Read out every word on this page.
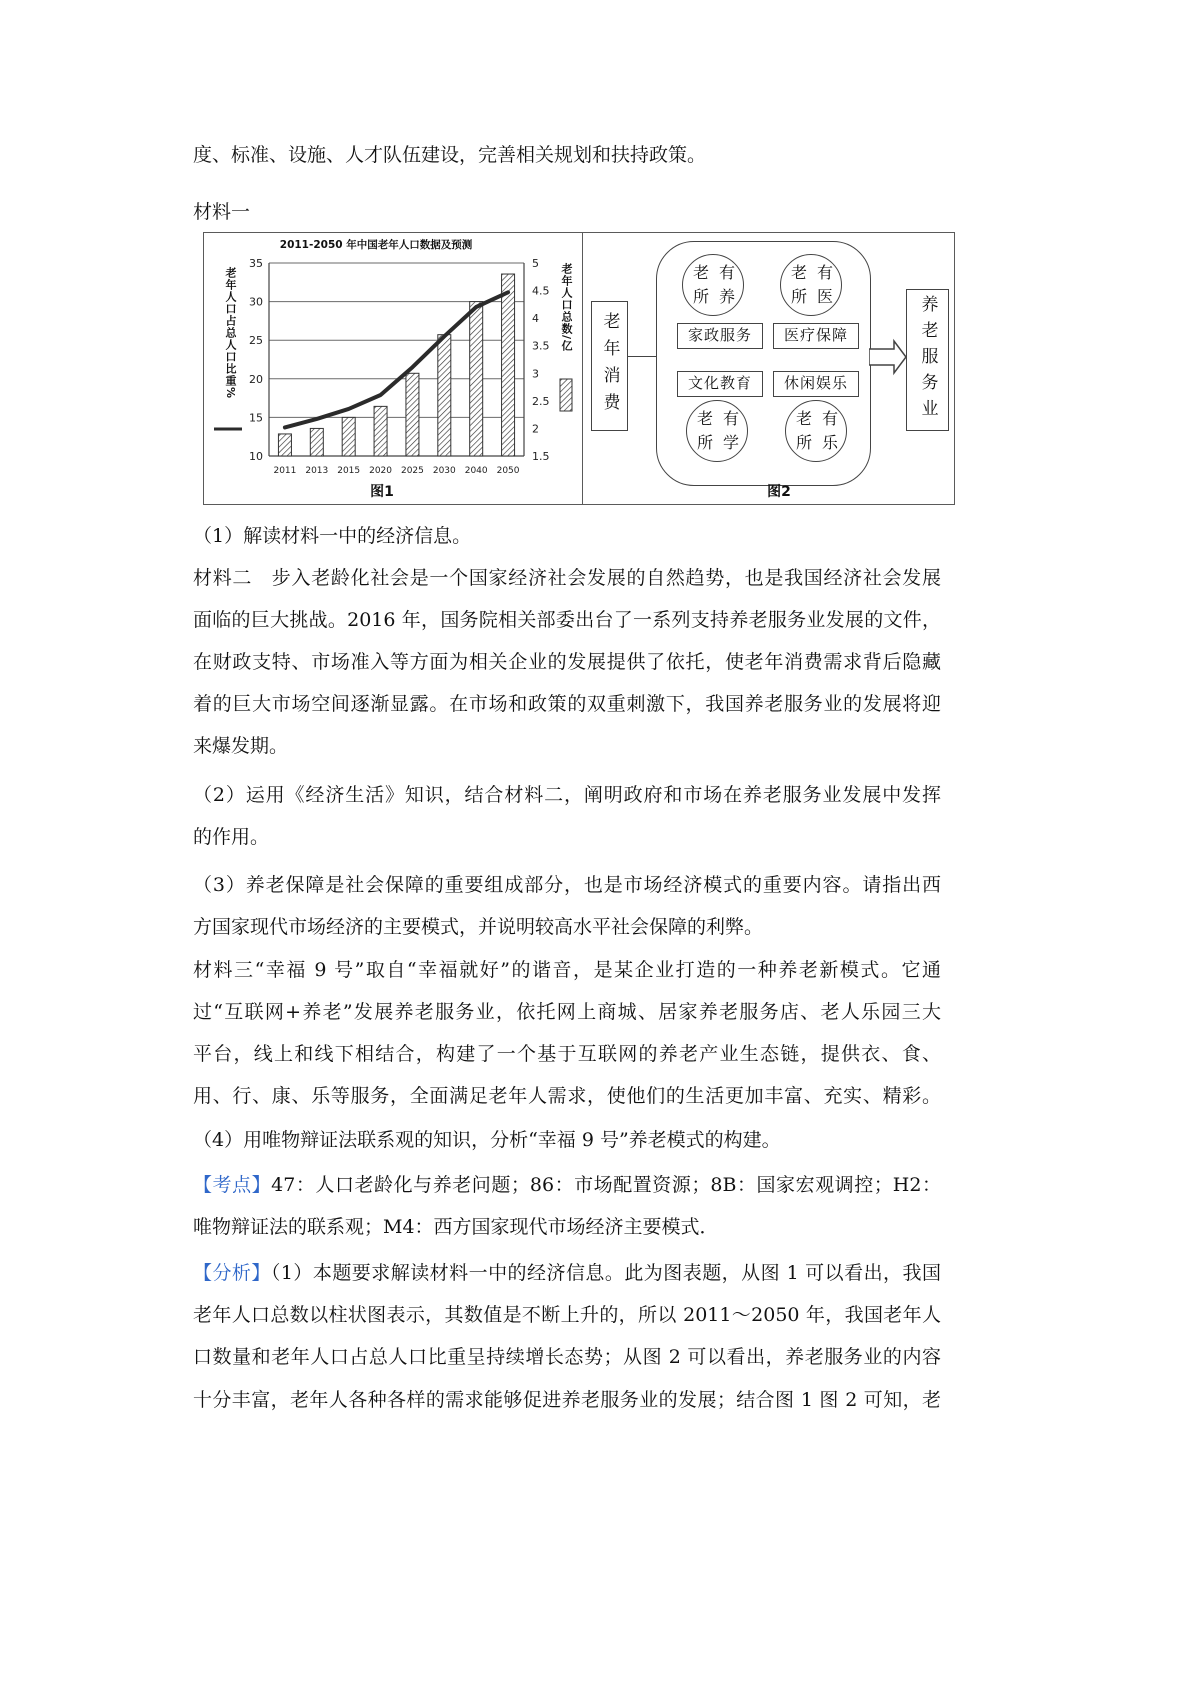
度、标准、设施、人才队伍建设，完善相关规划和扶持政策。
材料一
10
15
20
25
30
35
1.5
2
2.5
3
3.5
4
4.5
5
2011 2013 2015 2020 2025 2030 2040 2050
2011-2050 年中国老年人口数据及预测
老年人口占总人口比重%	老年人口总数/亿
图1
老年消费
老有所养
老有所医
家政服务	医疗保障
文化教育	休闲娱乐
老有所学
老有所乐
养老服务业
图2
（1）解读材料一中的经济信息。
材料二　步入老龄化社会是一个国家经济社会发展的自然趋势，也是我国经济社会发展
面临的巨大挑战。2016 年，国务院相关部委出台了一系列支持养老服务业发展的文件，
在财政支特、市场准入等方面为相关企业的发展提供了依托，使老年消费需求背后隐藏
着的巨大市场空间逐渐显露。在市场和政策的双重刺激下，我国养老服务业的发展将迎
来爆发期。
（2）运用《经济生活》知识，结合材料二，阐明政府和市场在养老服务业发展中发挥
的作用。
（3）养老保障是社会保障的重要组成部分，也是市场经济模式的重要内容。请指出西
方国家现代市场经济的主要模式，并说明较高水平社会保障的利弊。
材料三“幸福 9 号”取自“幸福就好”的谐音，是某企业打造的一种养老新模式。它通
过“互联网+养老”发展养老服务业，依托网上商城、居家养老服务店、老人乐园三大
平台，线上和线下相结合，构建了一个基于互联网的养老产业生态链，提供衣、食、
用、行、康、乐等服务，全面满足老年人需求，使他们的生活更加丰富、充实、精彩。
（4）用唯物辩证法联系观的知识，分析“幸福 9 号”养老模式的构建。
【考点】47：人口老龄化与养老问题；86：市场配置资源；8B：国家宏观调控；H2：
唯物辩证法的联系观；M4：西方国家现代市场经济主要模式．
【分析】（1）本题要求解读材料一中的经济信息。此为图表题，从图 1 可以看出，我国
老年人口总数以柱状图表示，其数值是不断上升的，所以 2011～2050 年，我国老年人
口数量和老年人口占总人口比重呈持续增长态势；从图 2 可以看出，养老服务业的内容
十分丰富，老年人各种各样的需求能够促进养老服务业的发展；结合图 1 图 2 可知，老
